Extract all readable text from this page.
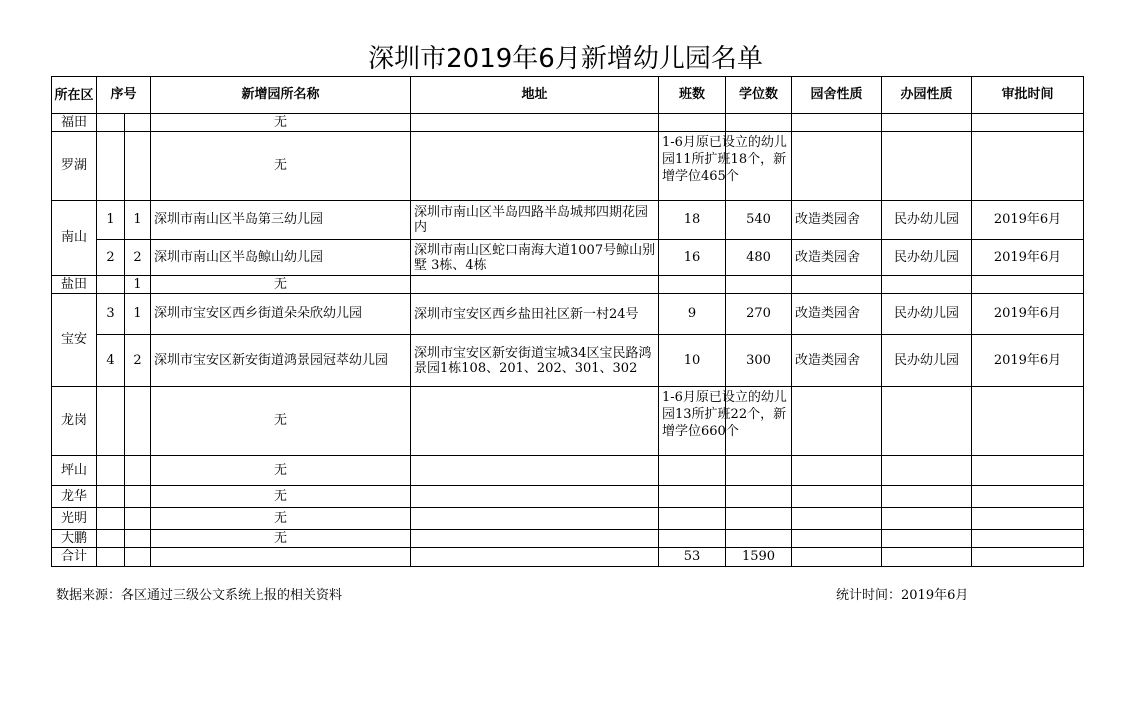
深圳市2019年6月新增幼儿园名单
所在区	序号		新增园所名称	地址	班数	学位数	园舍性质	办园性质	审批时间
福田			无						
罗湖			无		1-6月原已设立的幼儿园11所扩班18个，新增学位465个				

南山	1	1	深圳市南山区半岛第三幼儿园	深圳市南山区半岛四路半岛城邦四期花园内	18	540	改造类园舍	民办幼儿园	2019年6月
	2	2	深圳市南山区半岛鲸山幼儿园	深圳市南山区蛇口南海大道1007号鲸山别墅 3栋、4栋	16	480	改造类园舍	民办幼儿园	2019年6月
盐田		1	无						
宝安	3	1	深圳市宝安区西乡街道朵朵欣幼儿园	深圳市宝安区西乡盐田社区新一村24号	9	270	改造类园舍	民办幼儿园	2019年6月
	4	2	深圳市宝安区新安街道鸿景园冠萃幼儿园	深圳市宝安区新安街道宝城34区宝民路鸿景园1栋108、201、202、301、302	10	300	改造类园舍	民办幼儿园	2019年6月
龙岗			无		1-6月原已设立的幼儿园13所扩班22个，新增学位660个				

坪山			无						
龙华			无						
光明			无						
大鹏			无						
合计					53	1590			
数据来源：各区通过三级公文系统上报的相关资料	统计时间：2019年6月
